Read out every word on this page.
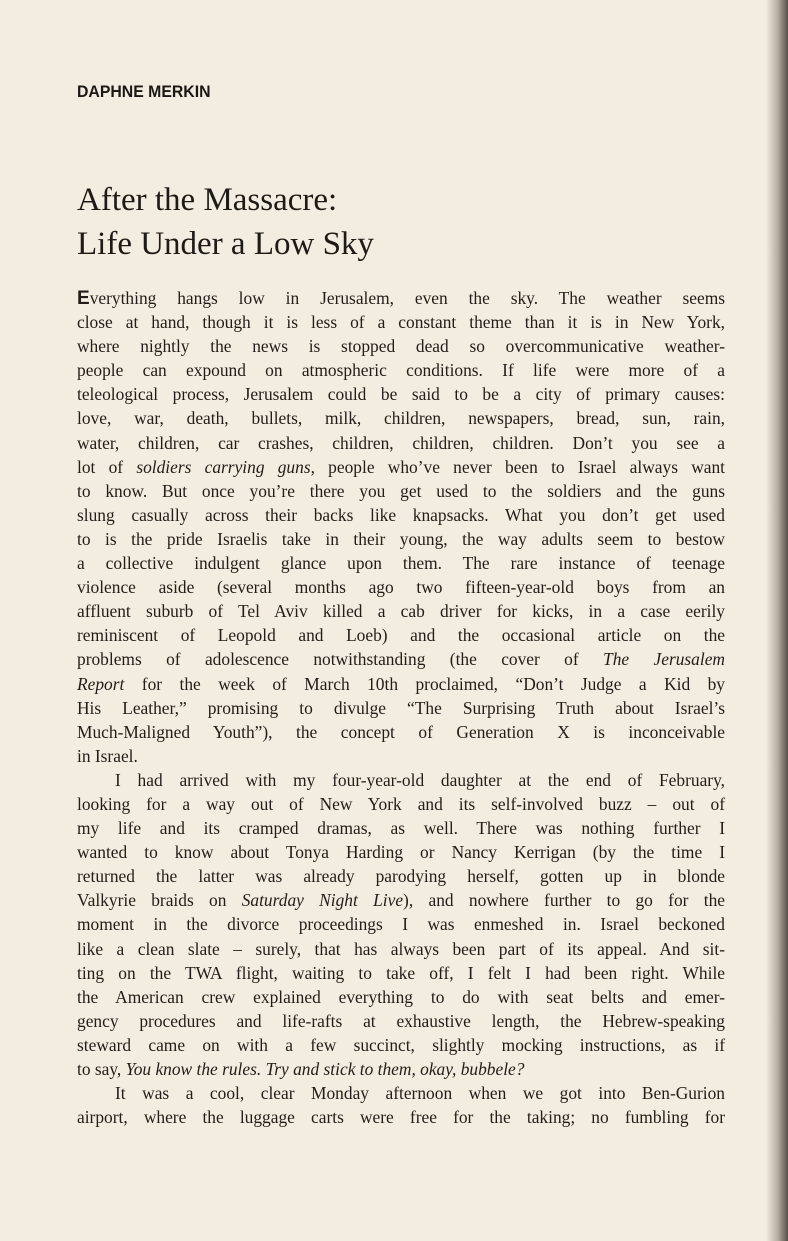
DAPHNE MERKIN
After the Massacre:
Life Under a Low Sky
Everything hangs low in Jerusalem, even the sky. The weather seems
close at hand, though it is less of a constant theme than it is in New York,
where nightly the news is stopped dead so overcommunicative weather-
people can expound on atmospheric conditions. If life were more of a
teleological process, Jerusalem could be said to be a city of primary causes:
love, war, death, bullets, milk, children, newspapers, bread, sun, rain,
water, children, car crashes, children, children, children. Don’t you see a
lot of soldiers carrying guns, people who’ve never been to Israel always want
to know. But once you’re there you get used to the soldiers and the guns
slung casually across their backs like knapsacks. What you don’t get used
to is the pride Israelis take in their young, the way adults seem to bestow
a collective indulgent glance upon them. The rare instance of teenage
violence aside (several months ago two fifteen-year-old boys from an
affluent suburb of Tel Aviv killed a cab driver for kicks, in a case eerily
reminiscent of Leopold and Loeb) and the occasional article on the
problems of adolescence notwithstanding (the cover of The Jerusalem
Report for the week of March 10th proclaimed, “Don’t Judge a Kid by
His Leather,” promising to divulge “The Surprising Truth about Israel’s
Much-Maligned Youth”), the concept of Generation X is inconceivable
in Israel.
I had arrived with my four-year-old daughter at the end of February,
looking for a way out of New York and its self-involved buzz – out of
my life and its cramped dramas, as well. There was nothing further I
wanted to know about Tonya Harding or Nancy Kerrigan (by the time I
returned the latter was already parodying herself, gotten up in blonde
Valkyrie braids on Saturday Night Live), and nowhere further to go for the
moment in the divorce proceedings I was enmeshed in. Israel beckoned
like a clean slate – surely, that has always been part of its appeal. And sit-
ting on the TWA flight, waiting to take off, I felt I had been right. While
the American crew explained everything to do with seat belts and emer-
gency procedures and life-rafts at exhaustive length, the Hebrew-speaking
steward came on with a few succinct, slightly mocking instructions, as if
to say, You know the rules. Try and stick to them, okay, bubbele?
It was a cool, clear Monday afternoon when we got into Ben-Gurion
airport, where the luggage carts were free for the taking; no fumbling for
